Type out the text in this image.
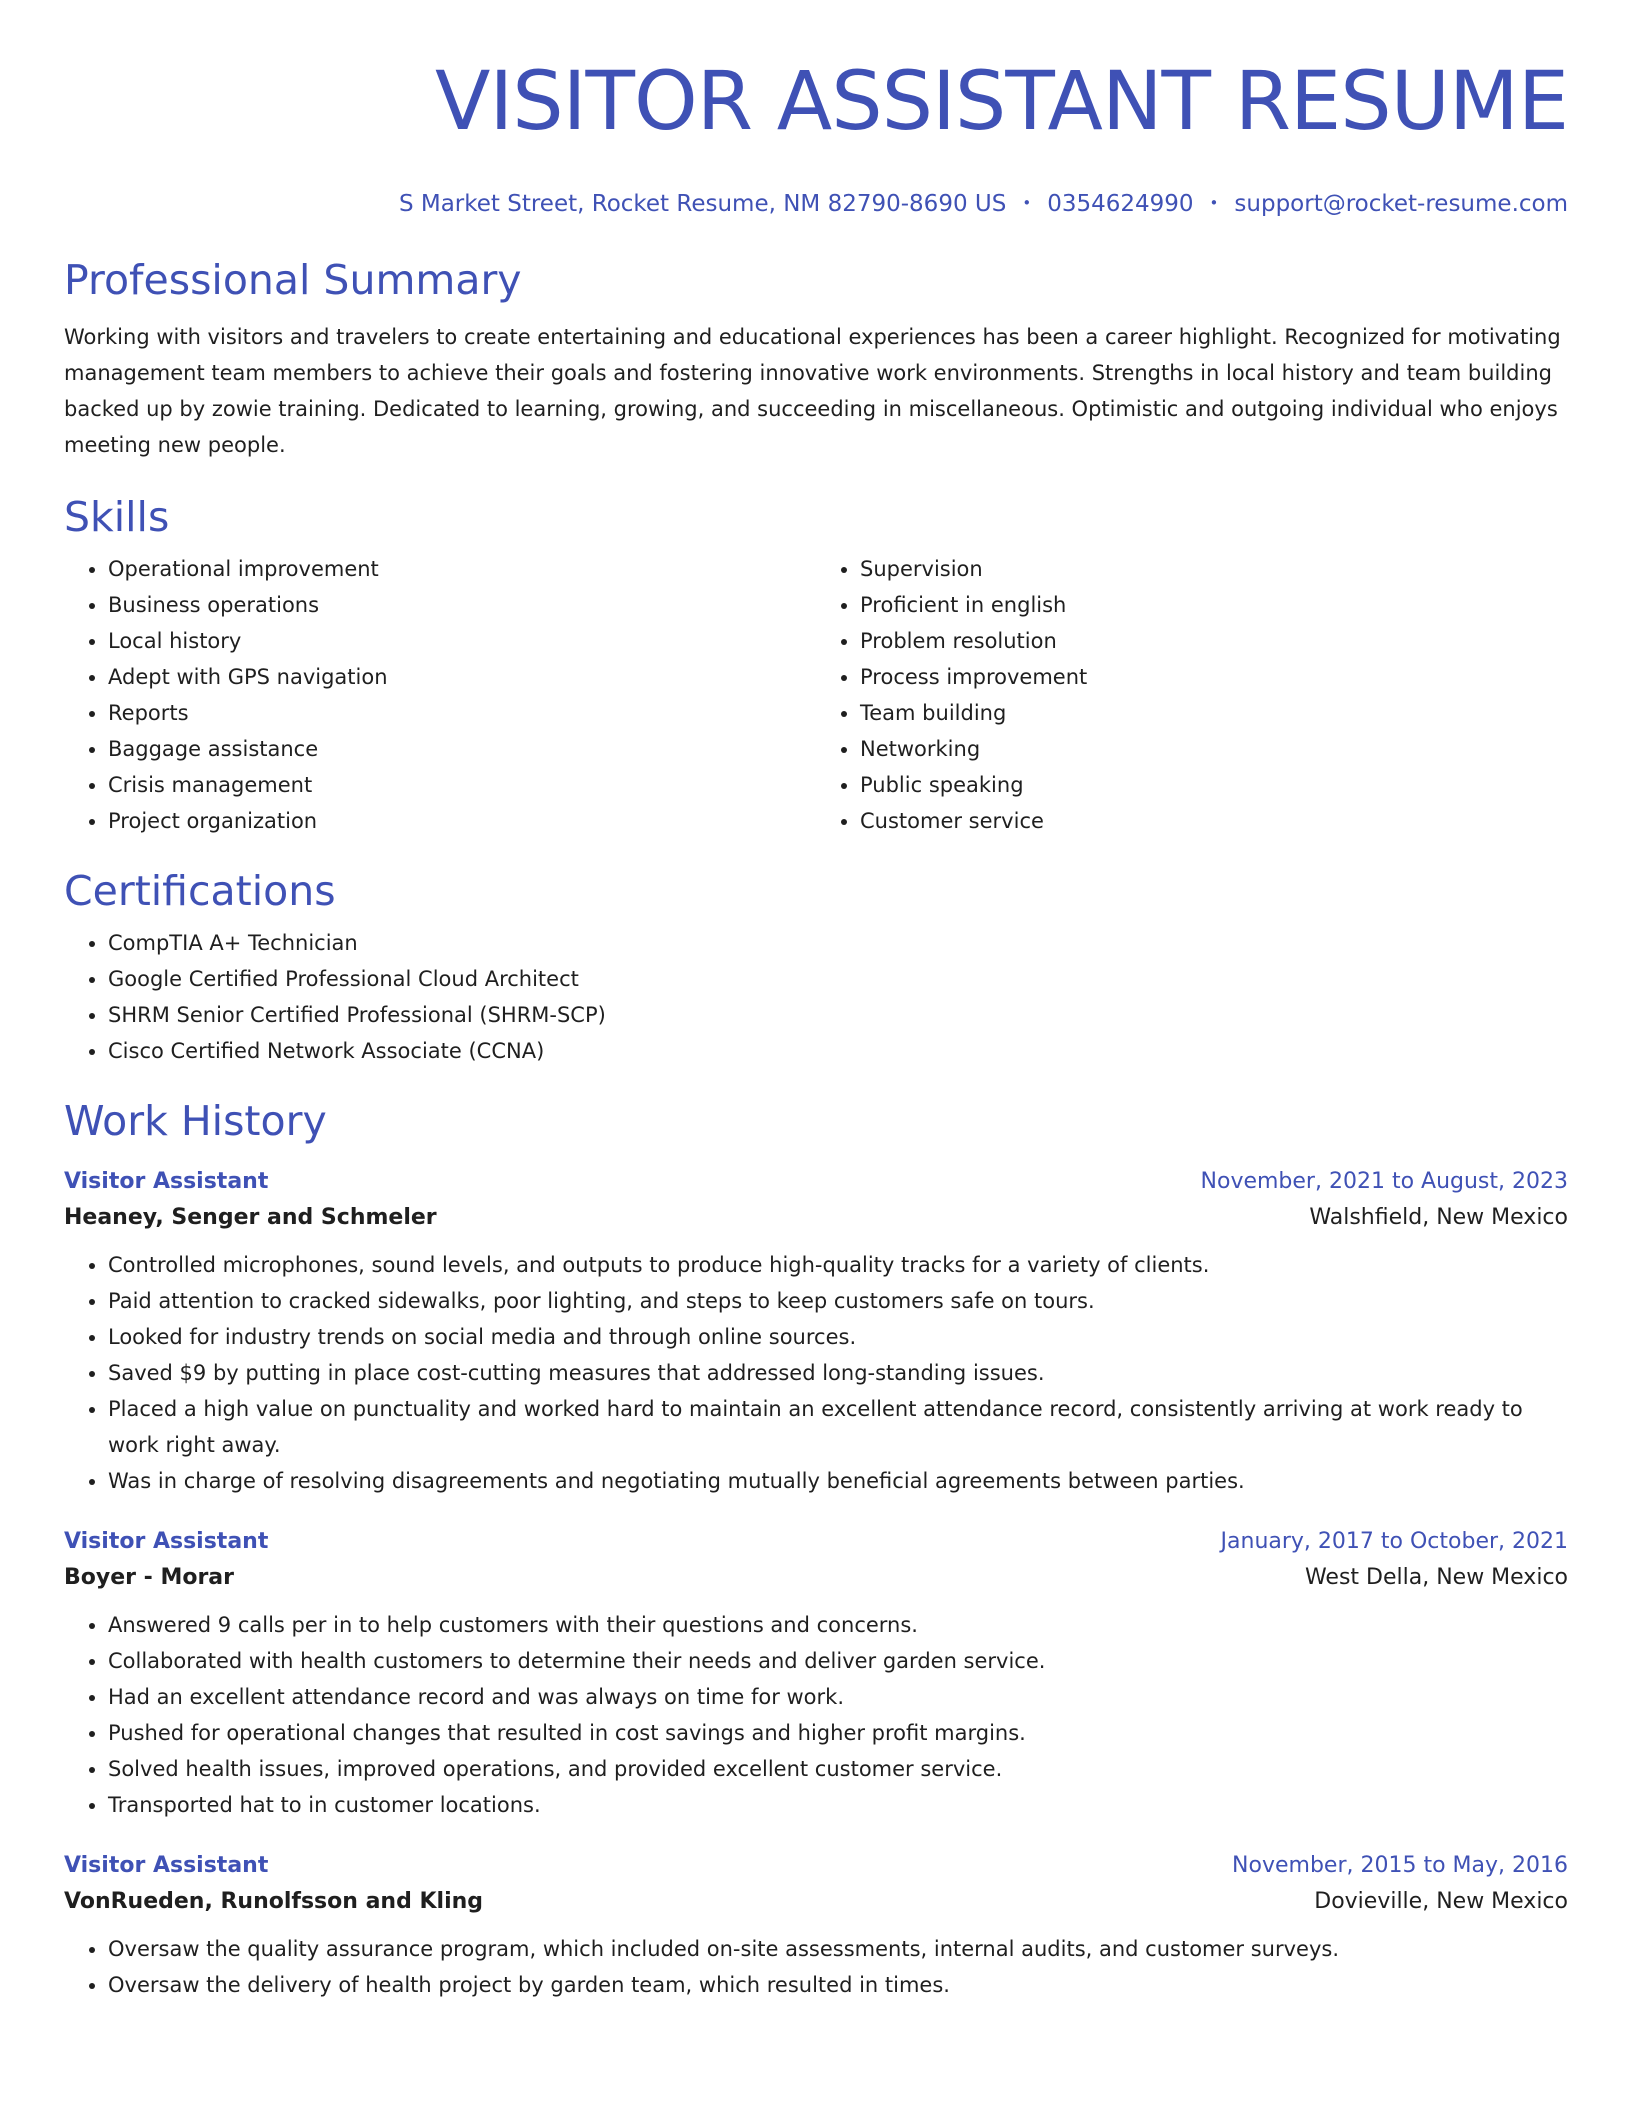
VISITOR ASSISTANT RESUME
S Market Street, Rocket Resume, NM 82790-8690 US • 0354624990 • support@rocket-resume.com
Professional Summary

Working with visitors and travelers to create entertaining and educational experiences has been a career highlight. Recognized for motivating management team members to achieve their goals and fostering innovative work environments. Strengths in local history and team building backed up by zowie training. Dedicated to learning, growing, and succeeding in miscellaneous. Optimistic and outgoing individual who enjoys meeting new people.

Skills
• Operational improvement
• Business operations
• Local history
• Adept with GPS navigation
• Reports
• Baggage assistance
• Crisis management
• Project organization
• Supervision
• Proficient in english
• Problem resolution
• Process improvement
• Team building
• Networking
• Public speaking
• Customer service
Certifications
• CompTIA A+ Technician
• Google Certified Professional Cloud Architect
• SHRM Senior Certified Professional (SHRM-SCP)
• Cisco Certified Network Associate (CCNA)
Work History
Visitor Assistant	November, 2021 to August, 2023
Heaney, Senger and Schmeler	Walshfield, New Mexico
• Controlled microphones, sound levels, and outputs to produce high-quality tracks for a variety of clients.
• Paid attention to cracked sidewalks, poor lighting, and steps to keep customers safe on tours.
• Looked for industry trends on social media and through online sources.
• Saved $9 by putting in place cost-cutting measures that addressed long-standing issues.
• Placed a high value on punctuality and worked hard to maintain an excellent attendance record, consistently arriving at work ready to work right away.
• Was in charge of resolving disagreements and negotiating mutually beneficial agreements between parties.
Visitor Assistant	January, 2017 to October, 2021
Boyer - Morar	West Della, New Mexico
• Answered 9 calls per in to help customers with their questions and concerns.
• Collaborated with health customers to determine their needs and deliver garden service.
• Had an excellent attendance record and was always on time for work.
• Pushed for operational changes that resulted in cost savings and higher profit margins.
• Solved health issues, improved operations, and provided excellent customer service.
• Transported hat to in customer locations.
Visitor Assistant	November, 2015 to May, 2016
VonRueden, Runolfsson and Kling	Dovieville, New Mexico
• Oversaw the quality assurance program, which included on-site assessments, internal audits, and customer surveys.
• Oversaw the delivery of health project by garden team, which resulted in times.
